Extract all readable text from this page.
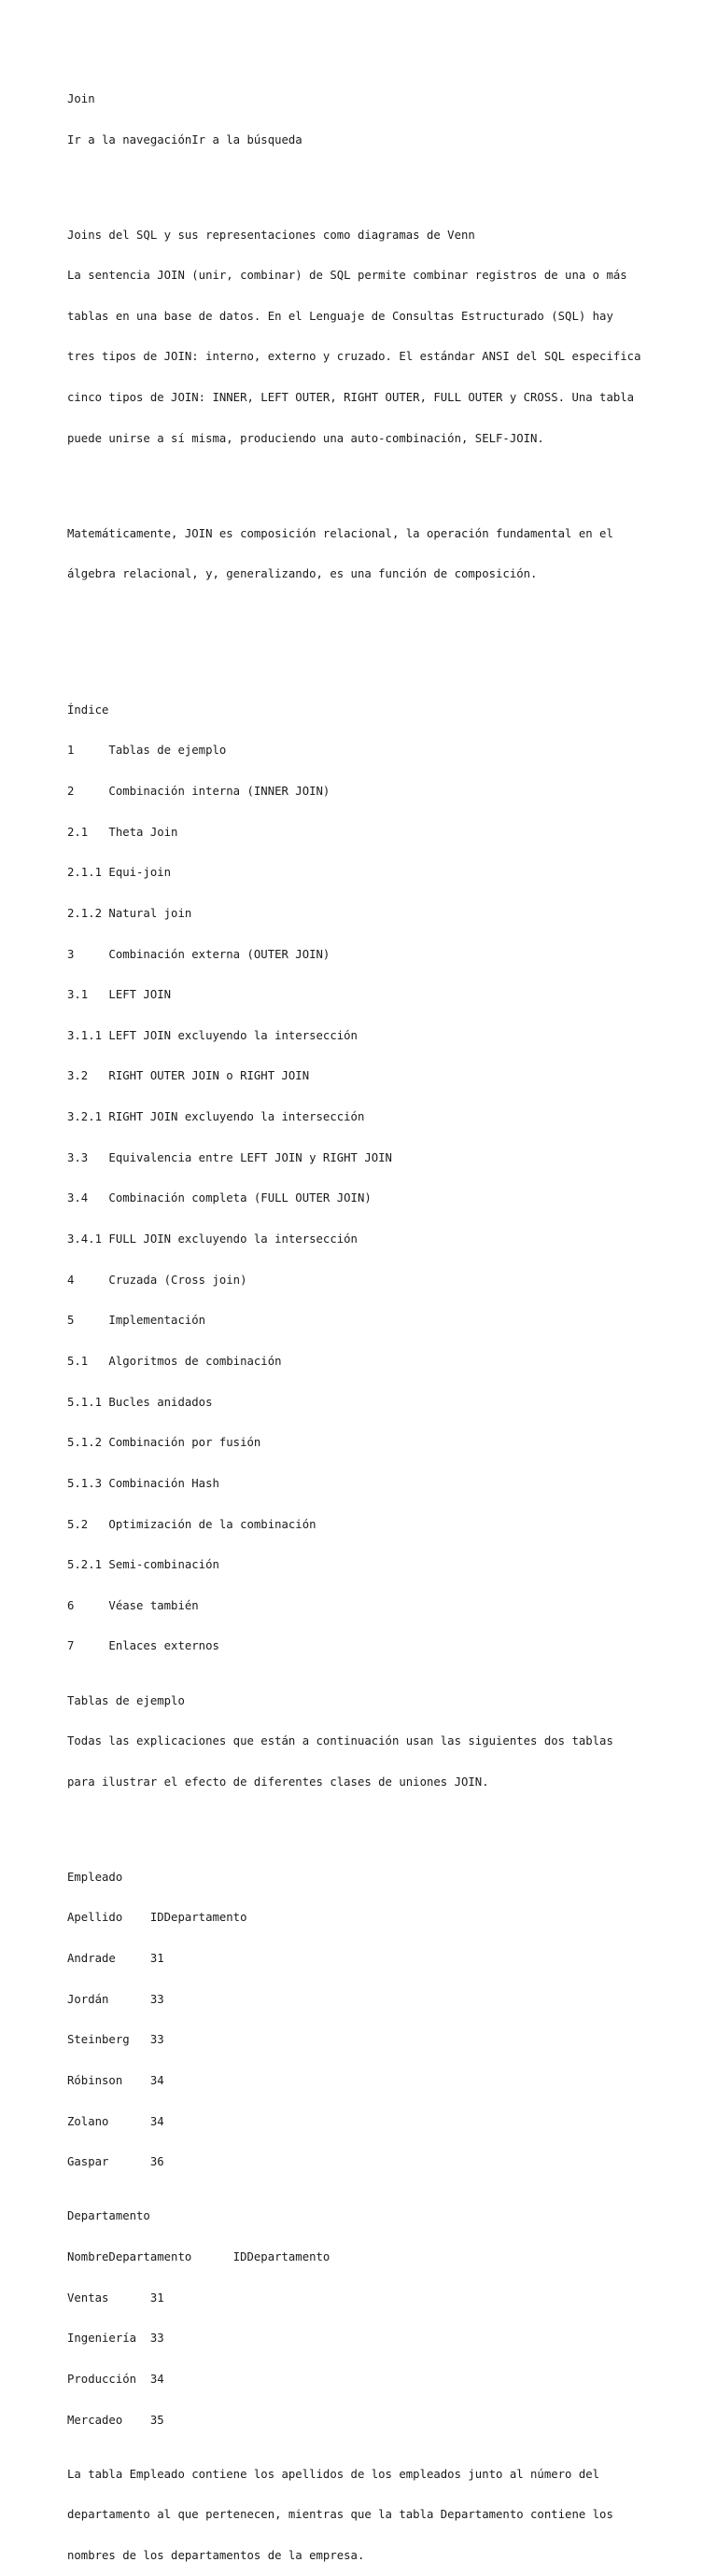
Join

Ir a la navegaciónIr a la búsqueda

Joins del SQL y sus representaciones como diagramas de Venn

La sentencia JOIN (unir, combinar) de SQL permite combinar registros de una o más

tablas en una base de datos. En el Lenguaje de Consultas Estructurado (SQL) hay

tres tipos de JOIN: interno, externo y cruzado. El estándar ANSI del SQL especifica

cinco tipos de JOIN: INNER, LEFT OUTER, RIGHT OUTER, FULL OUTER y CROSS. Una tabla

puede unirse a sí misma, produciendo una auto-combinación, SELF-JOIN.

Matemáticamente, JOIN es composición relacional, la operación fundamental en el

álgebra relacional, y, generalizando, es una función de composición.

Índice

1     Tablas de ejemplo

2     Combinación interna (INNER JOIN)

2.1   Theta Join

2.1.1 Equi-join

2.1.2 Natural join

3     Combinación externa (OUTER JOIN)

3.1   LEFT JOIN

3.1.1 LEFT JOIN excluyendo la intersección

3.2   RIGHT OUTER JOIN o RIGHT JOIN

3.2.1 RIGHT JOIN excluyendo la intersección

3.3   Equivalencia entre LEFT JOIN y RIGHT JOIN

3.4   Combinación completa (FULL OUTER JOIN)

3.4.1 FULL JOIN excluyendo la intersección

4     Cruzada (Cross join)

5     Implementación

5.1   Algoritmos de combinación

5.1.1 Bucles anidados

5.1.2 Combinación por fusión

5.1.3 Combinación Hash

5.2   Optimización de la combinación

5.2.1 Semi-combinación

6     Véase también

7     Enlaces externos

Tablas de ejemplo

Todas las explicaciones que están a continuación usan las siguientes dos tablas

para ilustrar el efecto de diferentes clases de uniones JOIN.

Empleado

Apellido    IDDepartamento

Andrade     31

Jordán      33

Steinberg   33

Róbinson    34

Zolano      34

Gaspar      36

Departamento

NombreDepartamento      IDDepartamento

Ventas      31

Ingeniería  33

Producción  34

Mercadeo    35

La tabla Empleado contiene los apellidos de los empleados junto al número del

departamento al que pertenecen, mientras que la tabla Departamento contiene los

nombres de los departamentos de la empresa.
